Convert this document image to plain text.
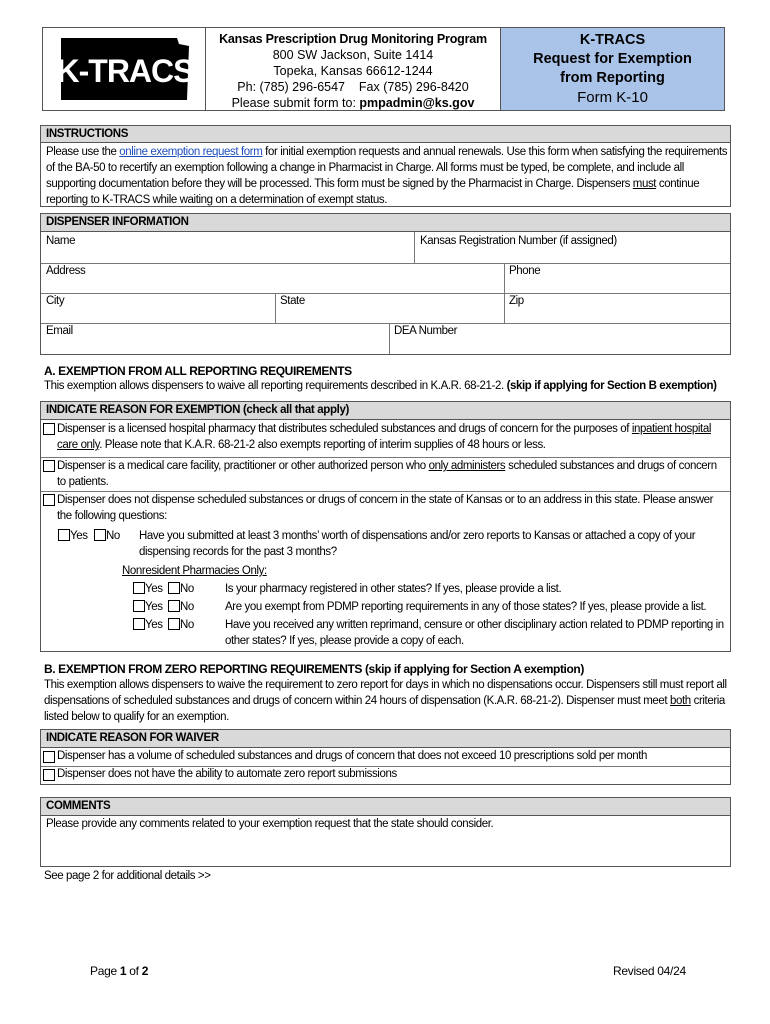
K-TRACS
Kansas Prescription Drug Monitoring Program
800 SW Jackson, Suite 1414
Topeka, Kansas 66612-1244
Ph: (785) 296-6547    Fax (785) 296-8420
Please submit form to: pmpadmin@ks.gov
K-TRACS
Request for Exemption
from Reporting
Form K-10
INSTRUCTIONS
Please use the online exemption request form for initial exemption requests and annual renewals. Use this form when satisfying the requirements of the BA-50 to recertify an exemption following a change in Pharmacist in Charge. All forms must be typed, be complete, and include all supporting documentation before they will be processed. This form must be signed by the Pharmacist in Charge. Dispensers must continue reporting to K-TRACS while waiting on a determination of exempt status.
DISPENSER INFORMATION
Name	Kansas Registration Number (if assigned)
Address	Phone
City	State	Zip
Email	DEA Number
A. EXEMPTION FROM ALL REPORTING REQUIREMENTS
This exemption allows dispensers to waive all reporting requirements described in K.A.R. 68-21-2. (skip if applying for Section B exemption)
INDICATE REASON FOR EXEMPTION (check all that apply)
Dispenser is a licensed hospital pharmacy that distributes scheduled substances and drugs of concern for the purposes of inpatient hospital care only. Please note that K.A.R. 68-21-2 also exempts reporting of interim supplies of 48 hours or less.
Dispenser is a medical care facility, practitioner or other authorized person who only administers scheduled substances and drugs of concern to patients.
Dispenser does not dispense scheduled substances or drugs of concern in the state of Kansas or to an address in this state. Please answer the following questions:
Yes	No Have you submitted at least 3 months’ worth of dispensations and/or zero reports to Kansas or attached a copy of your dispensing records for the past 3 months?
Nonresident Pharmacies Only:
Yes	No	Is your pharmacy registered in other states? If yes, please provide a list.
Yes	No	Are you exempt from PDMP reporting requirements in any of those states? If yes, please provide a list.
Yes	No	Have you received any written reprimand, censure or other disciplinary action related to PDMP reporting in other states? If yes, please provide a copy of each.
B. EXEMPTION FROM ZERO REPORTING REQUIREMENTS (skip if applying for Section A exemption)
This exemption allows dispensers to waive the requirement to zero report for days in which no dispensations occur. Dispensers still must report all dispensations of scheduled substances and drugs of concern within 24 hours of dispensation (K.A.R. 68-21-2). Dispenser must meet both criteria listed below to qualify for an exemption.
INDICATE REASON FOR WAIVER
Dispenser has a volume of scheduled substances and drugs of concern that does not exceed 10 prescriptions sold per month
Dispenser does not have the ability to automate zero report submissions
COMMENTS
Please provide any comments related to your exemption request that the state should consider.
See page 2 for additional details >>
Page 1 of 2	Revised 04/24
